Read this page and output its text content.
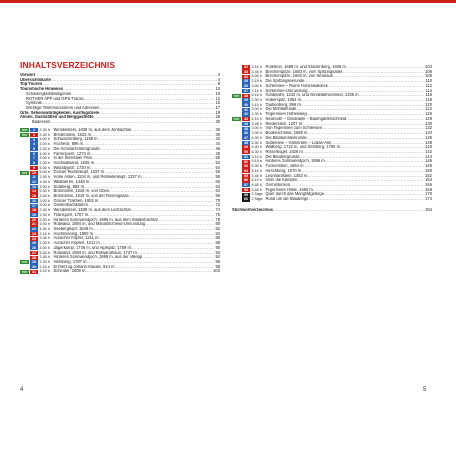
INHALTSVERZEICHNIS
Vorwort .....	3
Übersichtskarte .....	4
Top-Touren .....	8
Touristische Hinweise .....	10
Schwierigkeitskategorien .....	10
ROTHER APP und GPS-Tracks .....	12
Symbole .....	15
Wichtige Telefonnummern und Adressen .....	17
Orte, Sehenswürdigkeiten, Ausflugsziele .....	18
Almen, Gaststätten und Berggasthöfe .....	28
Badeseen .....	30
TOP	1	2.30 h Wendelstein, 1838 m, aus dem Jenbachtal .....	36
TOP	2	3.30 h Breitenstein, 1622 m .....	40
3	4.00 h Schwarzenberg, 1188 m .....	42
4	3.00 h Hocheck, 896 m .....	44
5	2.30 h Die Schwarzenbergrunde .....	46
6	4.00 h Farrenpoint, 1273 m .....	48
7	3.00 h In die Sterntaler Filze .....	50
8	2.30 h Hochsalwand, 1625 m .....	52
9	5.00 h Wildalpjoch, 1720 m .....	54
TOP	10 5.00 h Großer Riesenkopf, 1337 m .....	56
11 3.30 h Hohe Asten, 1104 m, und Rehleitenkopf, 1337 m .....	58
12 4.45 h Wildbarren, 1448 m .....	60
13 3.00 h Nußlberg, 882 m .....	62
14 2.30 h Brünnstein, 1619 m, von Oben .....	64
15 3.00 h Brünnstein, 1619 m, von der Rosengasse .....	66
16 3.00 h Großer Traithen, 1852 m .....	70
17 3.00 h Gießenbachklamm .....	72
18 2.30 h Wendelstein, 1838 m, aus dem Leitzachtal .....	74
19 2.30 h Trainsjoch, 1707 m .....	76
20 3.30 h Hinteres Sonnwendjoch, 1986 m, aus dem Stallenbachtal .....	78
21 5.00 h Rotwand, 1884 m, und Maroldschneid-Umrundung .....	80
22 4.30 h Seebergkopf, 1538 m .....	82
23 3.15 h Hochmiesing, 1883 m .....	84
24 3.45 h Auracher Köpfel, 1211 m .....	86
25 2.30 h Auracher Köpferl, 1211 m .....	88
26 3.00 h Jägerkamp, 1746 m, und Aiplspitz, 1759 m .....	90
27 5.30 h Rotwand, 1884 m, und Rotwandhaus, 1737 m .....	92
28 3.45 h Hinteres Sonnwendjoch, 1986 m, aus der Valepp .....	94
TOP	29 2.30 h Veitsberg, 1787 m .....	96
30 2.15 h Erzherzog-Johann-Klause, 814 m .....	98
TOP	31 4.15 h Schinder, 1808 m .....	102
32 3.15 h Roßstein, 1698 m, und Stolzenberg, 1609 m .....	104
33 3.45 h Brecherspitze, 1683 m, vom Spitzingsattel .....	106
34 4.00 h Brecherspitze, 1683 m, von Neuhaus .....	108
35 2.15 h Die Spitzingseerunde .....	110
36 3.00 h Schliersee – Ruine Hohenwaldeck .....	112
37 2.15 h Schliersee-Umrundung .....	114
TOP	38 5.15 h Gindelalm, 1242 m, und Gindelalmschneid, 1335 m .....	116
39 2.30 h Huberspitz, 1052 m .....	118
40 3.15 h Taubenberg, 896 m .....	120
41 3.00 h Die Mühltalrunde .....	122
42 2.30 h Tegernseer Höhenweg .....	126
TOP	43 4.15 h Neureuth – Gindelalm – Baumgartenschneid .....	129
44 3.45 h Riederstein, 1207 m .....	130
45 3.00 h Von Tegernsee zum Schliersee .....	132
46 3.00 h Bodenschneid, 1669 m .....	134
47 4.00 h Die Blankensteinrunde .....	136
48 3.30 h Suttensee – Hafneralm – Lukas-Alm .....	138
49 4.00 h Wallberg, 1722 m, und Setzberg, 1706 m .....	140
50 6.30 h Risserkogel, 1826 m .....	142
51 3.15 h Die Blaubergrunde .....	144
52 3.15 h Hinteres Sonnwendjoch, 1986 m .....	146
53 5.30 h Fockenstein, 1564 m .....	148
54 5.15 h Hirschberg, 1670 m .....	150
55 3.45 h Leonhardstein, 1452 m .....	152
56 4.15 h Über die Kampen .....	154
57 4.45 h Gernstrecken .....	166
58 3.45 h Tegernseer Hütte, 1650 m .....	168
59 3 Tage Quer durch das Mangfallgebirge .....	170
60 2 Tage Rund um die Blauberge .....	174
Stichwortverzeichnis .....	184
4	5
